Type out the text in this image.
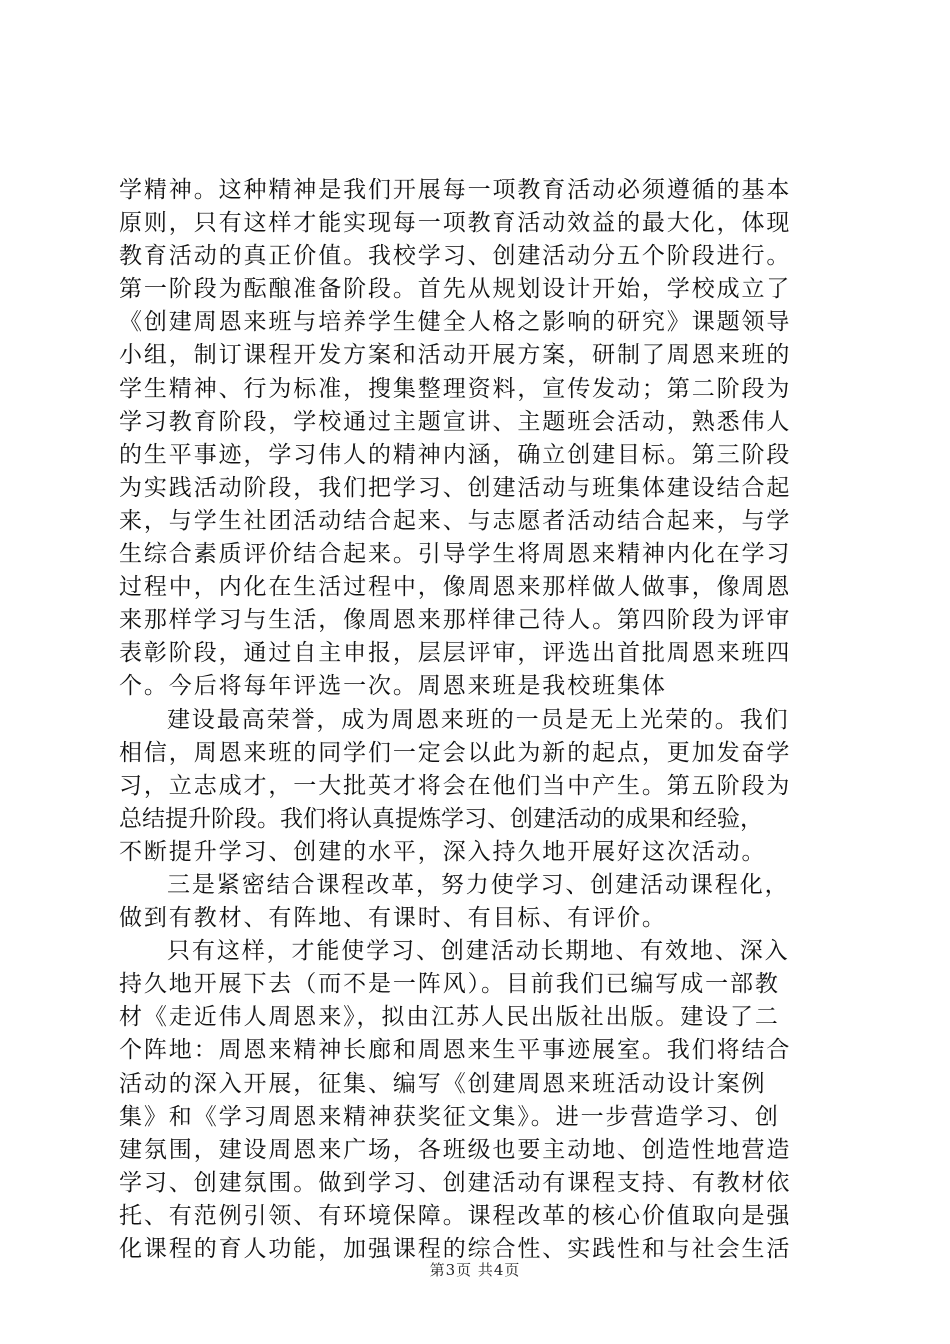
学精神。这种精神是我们开展每一项教育活动必须遵循的基本
原则，只有这样才能实现每一项教育活动效益的最大化，体现
教育活动的真正价值。我校学习、创建活动分五个阶段进行。
第一阶段为酝酿准备阶段。首先从规划设计开始，学校成立了
《创建周恩来班与培养学生健全人格之影响的研究》课题领导
小组，制订课程开发方案和活动开展方案，研制了周恩来班的
学生精神、行为标准，搜集整理资料，宣传发动；第二阶段为
学习教育阶段，学校通过主题宣讲、主题班会活动，熟悉伟人
的生平事迹，学习伟人的精神内涵，确立创建目标。第三阶段
为实践活动阶段，我们把学习、创建活动与班集体建设结合起
来，与学生社团活动结合起来、与志愿者活动结合起来，与学
生综合素质评价结合起来。引导学生将周恩来精神内化在学习
过程中，内化在生活过程中，像周恩来那样做人做事，像周恩
来那样学习与生活，像周恩来那样律己待人。第四阶段为评审
表彰阶段，通过自主申报，层层评审，评选出首批周恩来班四
个。今后将每年评选一次。周恩来班是我校班集体
建设最高荣誉，成为周恩来班的一员是无上光荣的。我们
相信，周恩来班的同学们一定会以此为新的起点，更加发奋学
习，立志成才，一大批英才将会在他们当中产生。第五阶段为
总结提升阶段。我们将认真提炼学习、创建活动的成果和经验，
不断提升学习、创建的水平，深入持久地开展好这次活动。
三是紧密结合课程改革，努力使学习、创建活动课程化，
做到有教材、有阵地、有课时、有目标、有评价。
只有这样，才能使学习、创建活动长期地、有效地、深入
持久地开展下去（而不是一阵风）。目前我们已编写成一部教
材《走近伟人周恩来》，拟由江苏人民出版社出版。建设了二
个阵地：周恩来精神长廊和周恩来生平事迹展室。我们将结合
活动的深入开展，征集、编写《创建周恩来班活动设计案例
集》和《学习周恩来精神获奖征文集》。进一步营造学习、创
建氛围，建设周恩来广场，各班级也要主动地、创造性地营造
学习、创建氛围。做到学习、创建活动有课程支持、有教材依
托、有范例引领、有环境保障。课程改革的核心价值取向是强
化课程的育人功能，加强课程的综合性、实践性和与社会生活
第3页 共4页
